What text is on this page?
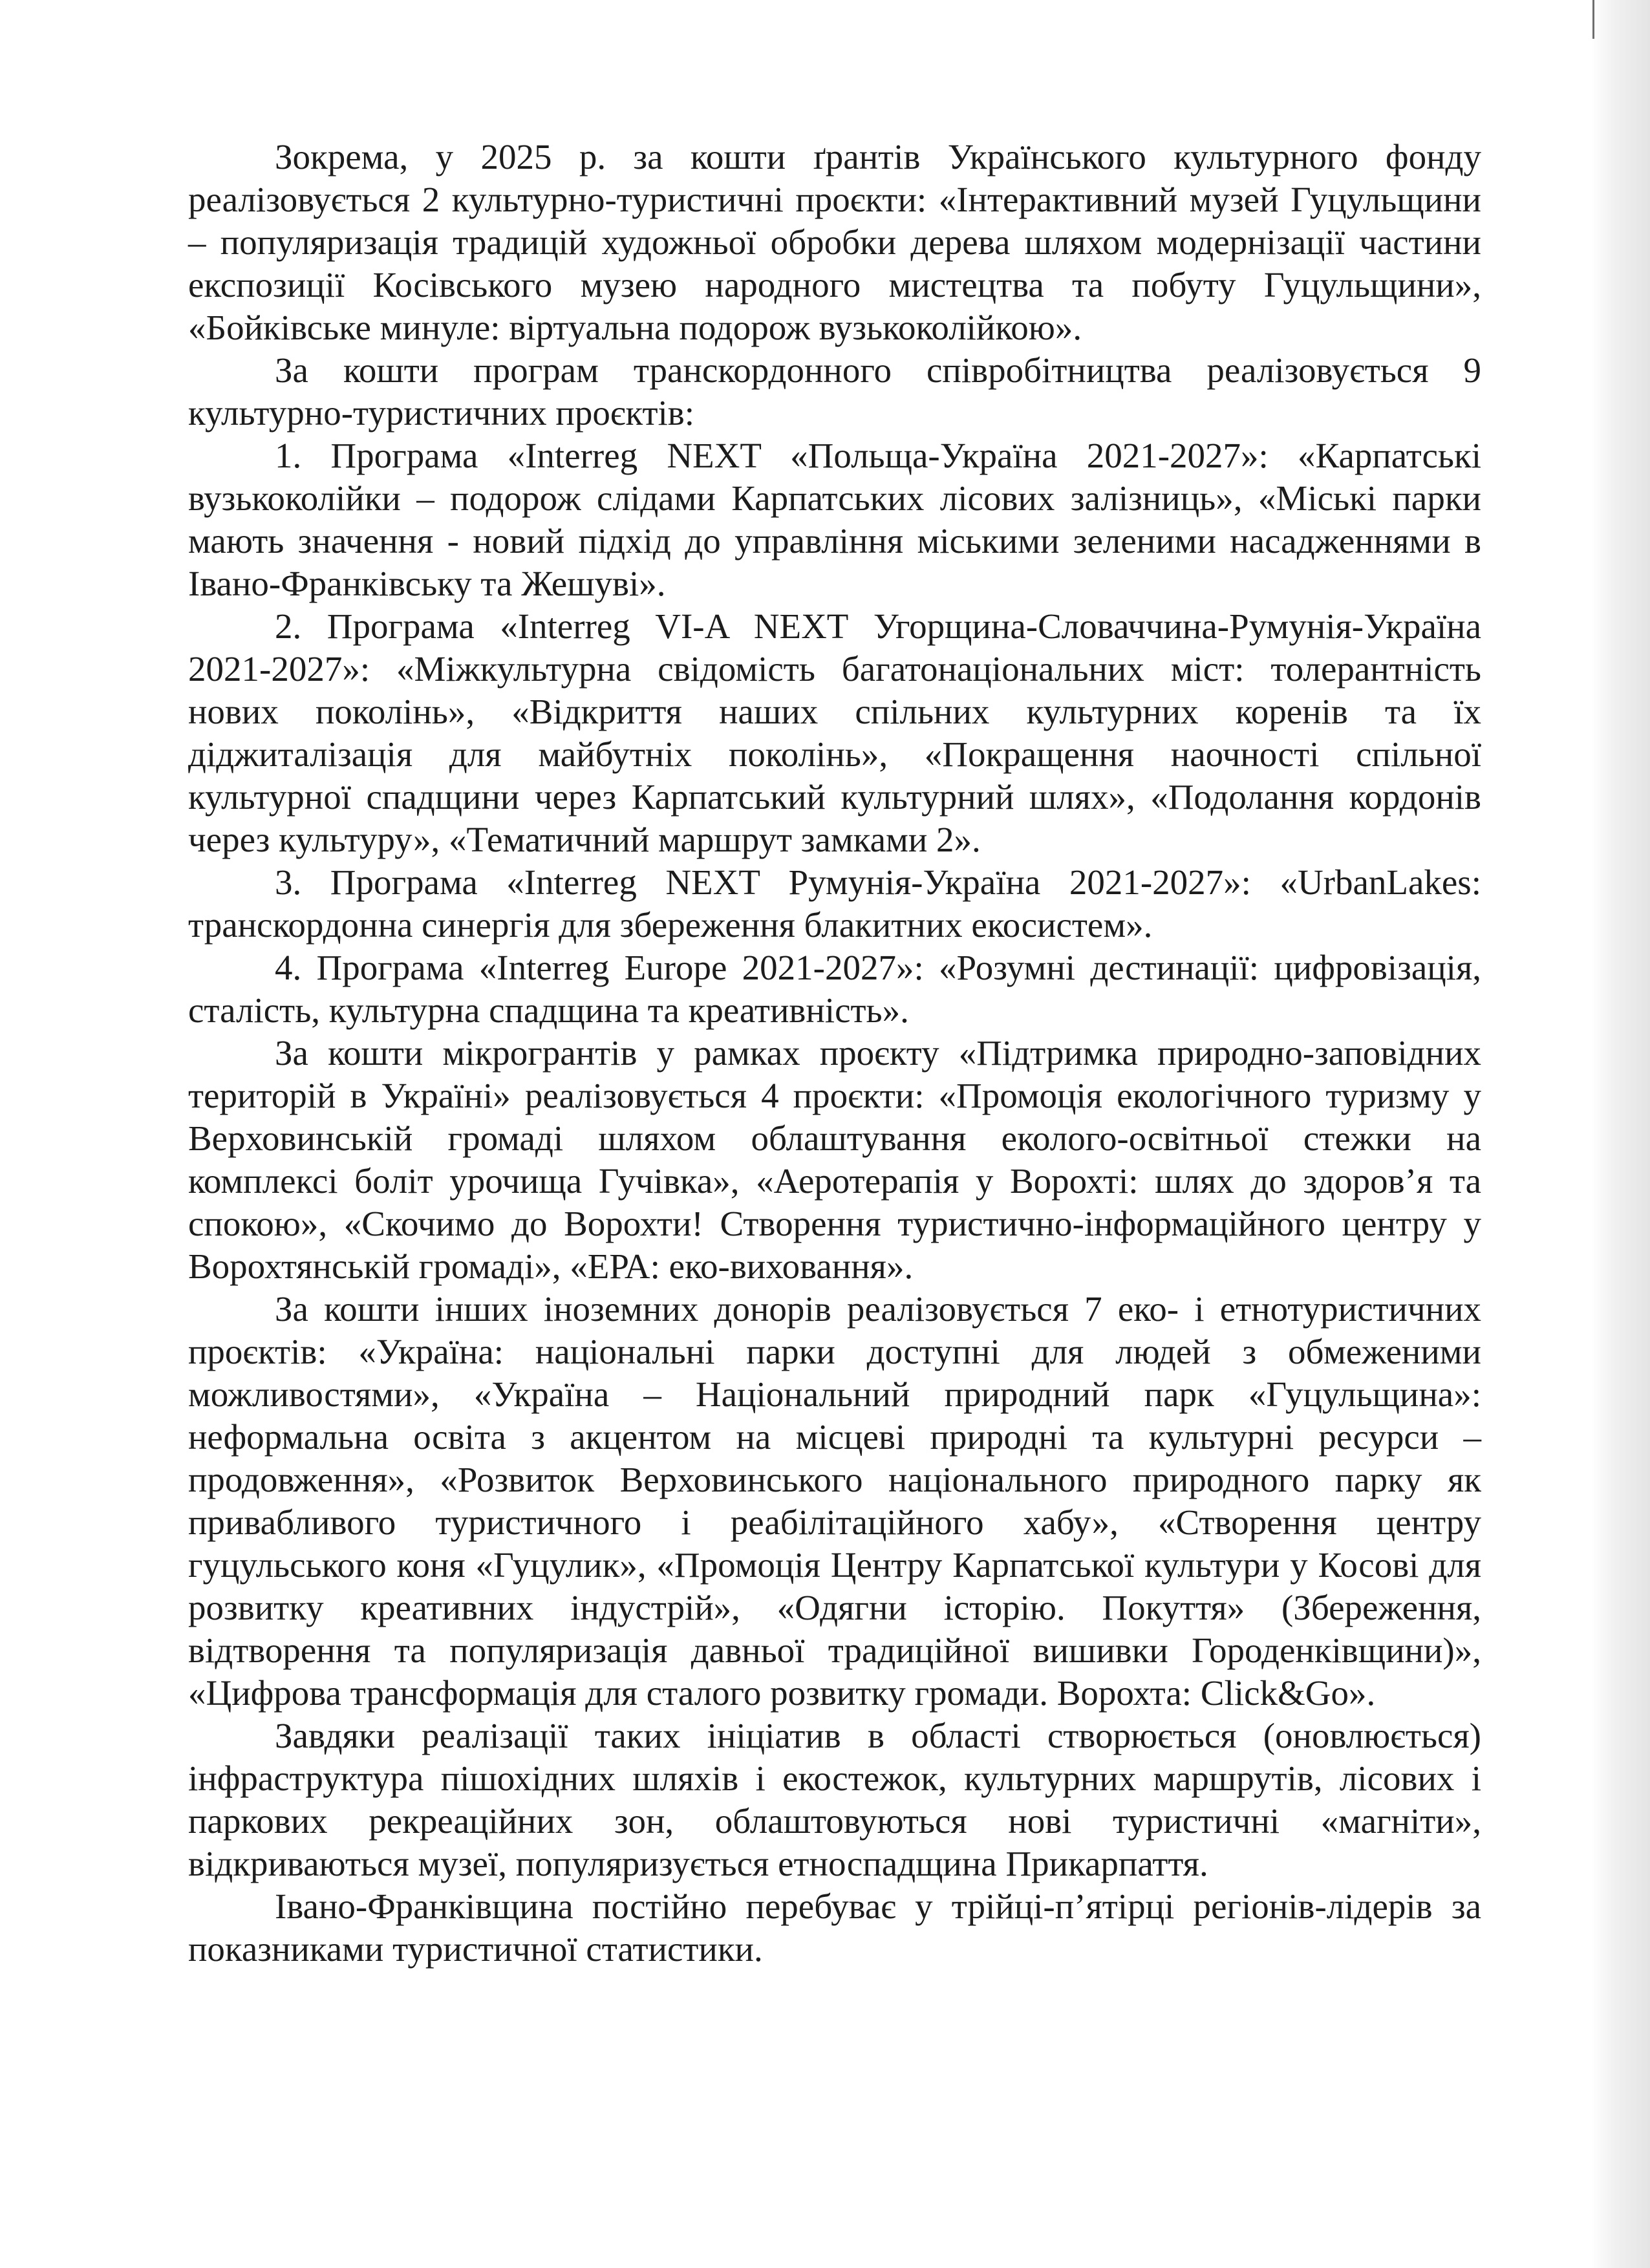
Зокрема, у 2025 р. за кошти ґрантів Українського культурного фонду реалізовується 2 культурно-туристичні проєкти: «Інтерактивний музей Гуцульщини – популяризація традицій художньої обробки дерева шляхом модернізації частини експозиції Косівського музею народного мистецтва та побуту Гуцульщини», «Бойківське минуле: віртуальна подорож вузькоколійкою».

За кошти програм транскордонного співробітництва реалізовується 9 культурно-туристичних проєктів:

1. Програма «Interreg NEXT «Польща-Україна 2021-2027»: «Карпатські вузькоколійки – подорож слідами Карпатських лісових залізниць», «Міські парки мають значення - новий підхід до управління міськими зеленими насадженнями в Івано-Франківську та Жешуві».

2. Програма «Interreg VI-A NEXT Угорщина-Словаччина-Румунія-Україна 2021-2027»: «Міжкультурна свідомість багатонаціональних міст: толерантність нових поколінь», «Відкриття наших спільних культурних коренів та їх діджиталізація для майбутніх поколінь», «Покращення наочності спільної культурної спадщини через Карпатський культурний шлях», «Подолання кордонів через культуру», «Тематичний маршрут замками 2».

3. Програма «Interreg NEXT Румунія-Україна 2021-2027»: «UrbanLakes: транскордонна синергія для збереження блакитних екосистем».

4. Програма «Interreg Europe 2021-2027»: «Розумні дестинації: цифровізація, сталість, культурна спадщина та креативність».

За кошти мікрогрантів у рамках проєкту «Підтримка природно-заповідних територій в Україні» реалізовується 4 проєкти: «Промоція екологічного туризму у Верховинській громаді шляхом облаштування еколого-освітньої стежки на комплексі боліт урочища Гучівка», «Аеротерапія у Ворохті: шлях до здоров’я та спокою», «Скочимо до Ворохти! Створення туристично-інформаційного центру у Ворохтянській громаді», «ЕРА: еко-виховання».

За кошти інших іноземних донорів реалізовується 7 еко- і етнотуристичних проєктів: «Україна: національні парки доступні для людей з обмеженими можливостями», «Україна – Національний природний парк «Гуцульщина»: неформальна освіта з акцентом на місцеві природні та культурні ресурси – продовження», «Розвиток Верховинського національного природного парку як привабливого туристичного і реабілітаційного хабу», «Створення центру гуцульського коня «Гуцулик», «Промоція Центру Карпатської культури у Косові для розвитку креативних індустрій», «Одягни історію. Покуття» (Збереження, відтворення та популяризація давньої традиційної вишивки Городенківщини)», «Цифрова трансформація для сталого розвитку громади. Ворохта: Click&Go».

Завдяки реалізації таких ініціатив в області створюється (оновлюється) інфраструктура пішохідних шляхів і екостежок, культурних маршрутів, лісових і паркових рекреаційних зон, облаштовуються нові туристичні «магніти», відкриваються музеї, популяризується етноспадщина Прикарпаття.

Івано-Франківщина постійно перебуває у трійці-п’ятірці регіонів-лідерів за показниками туристичної статистики.
